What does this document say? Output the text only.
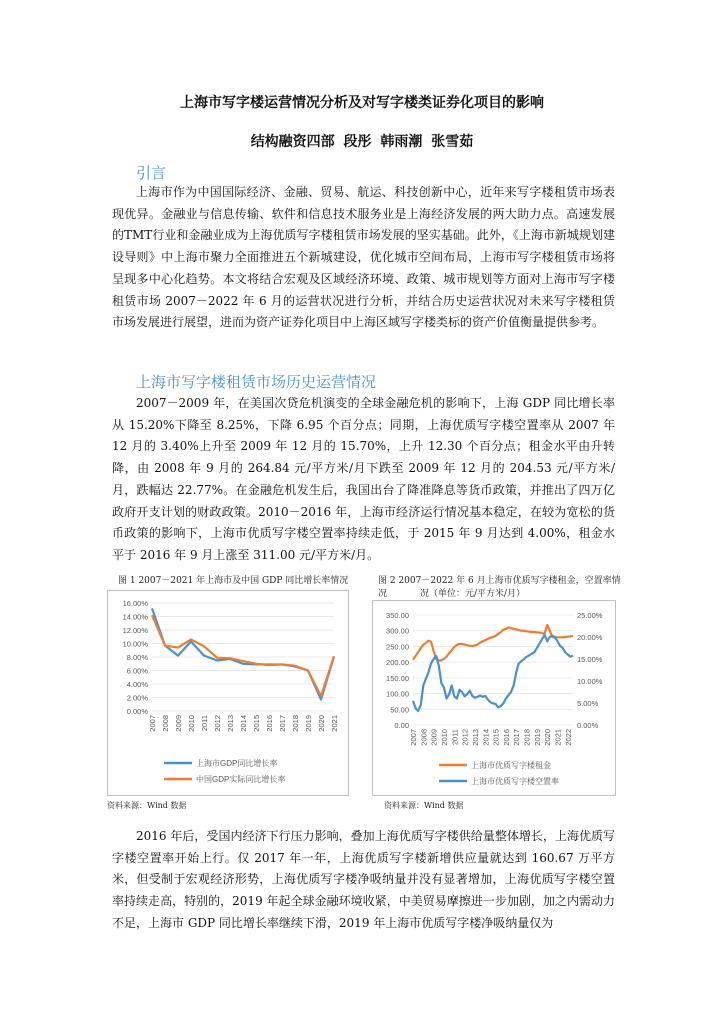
上海市写字楼运营情况分析及对写字楼类证券化项目的影响
结构融资四部 段彤 韩雨潮 张雪茹
引言

上海市作为中国国际经济、金融、贸易、航运、科技创新中心，近年来写字楼租赁市场表现优异。金融业与信息传输、软件和信息技术服务业是上海经济发展的两大助力点。高速发展的TMT行业和金融业成为上海优质写字楼租赁市场发展的坚实基础。此外，《上海市新城规划建设导则》中上海市聚力全面推进五个新城建设，优化城市空间布局，上海市写字楼租赁市场将呈现多中心化趋势。本文将结合宏观及区域经济环境、政策、城市规划等方面对上海市写字楼租赁市场 2007－2022 年 6 月的运营状况进行分析，并结合历史运营状况对未来写字楼租赁市场发展进行展望，进而为资产证券化项目中上海区域写字楼类标的资产价值衡量提供参考。

上海市写字楼租赁市场历史运营情况

2007－2009 年，在美国次贷危机演变的全球金融危机的影响下，上海 GDP 同比增长率从 15.20%下降至 8.25%，下降 6.95 个百分点；同期，上海优质写字楼空置率从 2007 年 12 月的 3.40%上升至 2009 年 12 月的 15.70%，上升 12.30 个百分点；租金水平由升转降，由 2008 年 9 月的 264.84 元/平方米/月下跌至 2009 年 12 月的 204.53 元/平方米/月，跌幅达 22.77%。在金融危机发生后，我国出台了降准降息等货币政策，并推出了四万亿政府开支计划的财政政策。2010－2016 年，上海市经济运行情况基本稳定，在较为宽松的货币政策的影响下，上海市优质写字楼空置率持续走低，于 2015 年 9 月达到 4.00%，租金水平于 2016 年 9 月上涨至 311.00 元/平方米/月。

图 1 2007－2021 年上海市及中国 GDP 同比增长率情况
0.00%
2.00%
4.00%
6.00%
8.00%
10.00%
12.00%
14.00%
16.00%
2007 2008 2009 2010 2011 2012 2013 2014 2015 2016 2017 2018 2019 2020 2021
上海市GDP同比增长率
中国GDP实际同比增长率
资料来源：Wind 数据
图 2 2007－2022 年 6 月上海市优质写字楼租金，空置率情况	况（单位：元/平方米/月）
0.00
50.00
100.00
150.00
200.00
250.00
300.00
350.00
0.00%
5.00%
10.00%
15.00%
20.00%
25.00%
2007 2008 2009 2010 2011 2012 2013 2014 2015 2016 2017 2018 2019 2020 2021 2022
上海市优质写字楼租金
上海市优质写字楼空置率
资料来源：Wind 数据

2016 年后，受国内经济下行压力影响，叠加上海优质写字楼供给量整体增长，上海优质写字楼空置率开始上行。仅 2017 年一年，上海优质写字楼新增供应量就达到 160.67 万平方米，但受制于宏观经济形势，上海优质写字楼净吸纳量并没有显著增加，上海优质写字楼空置率持续走高，特别的，2019 年起全球金融环境收紧，中美贸易摩擦进一步加剧，加之内需动力不足，上海市 GDP 同比增长率继续下滑，2019 年上海市优质写字楼净吸纳量仅为
